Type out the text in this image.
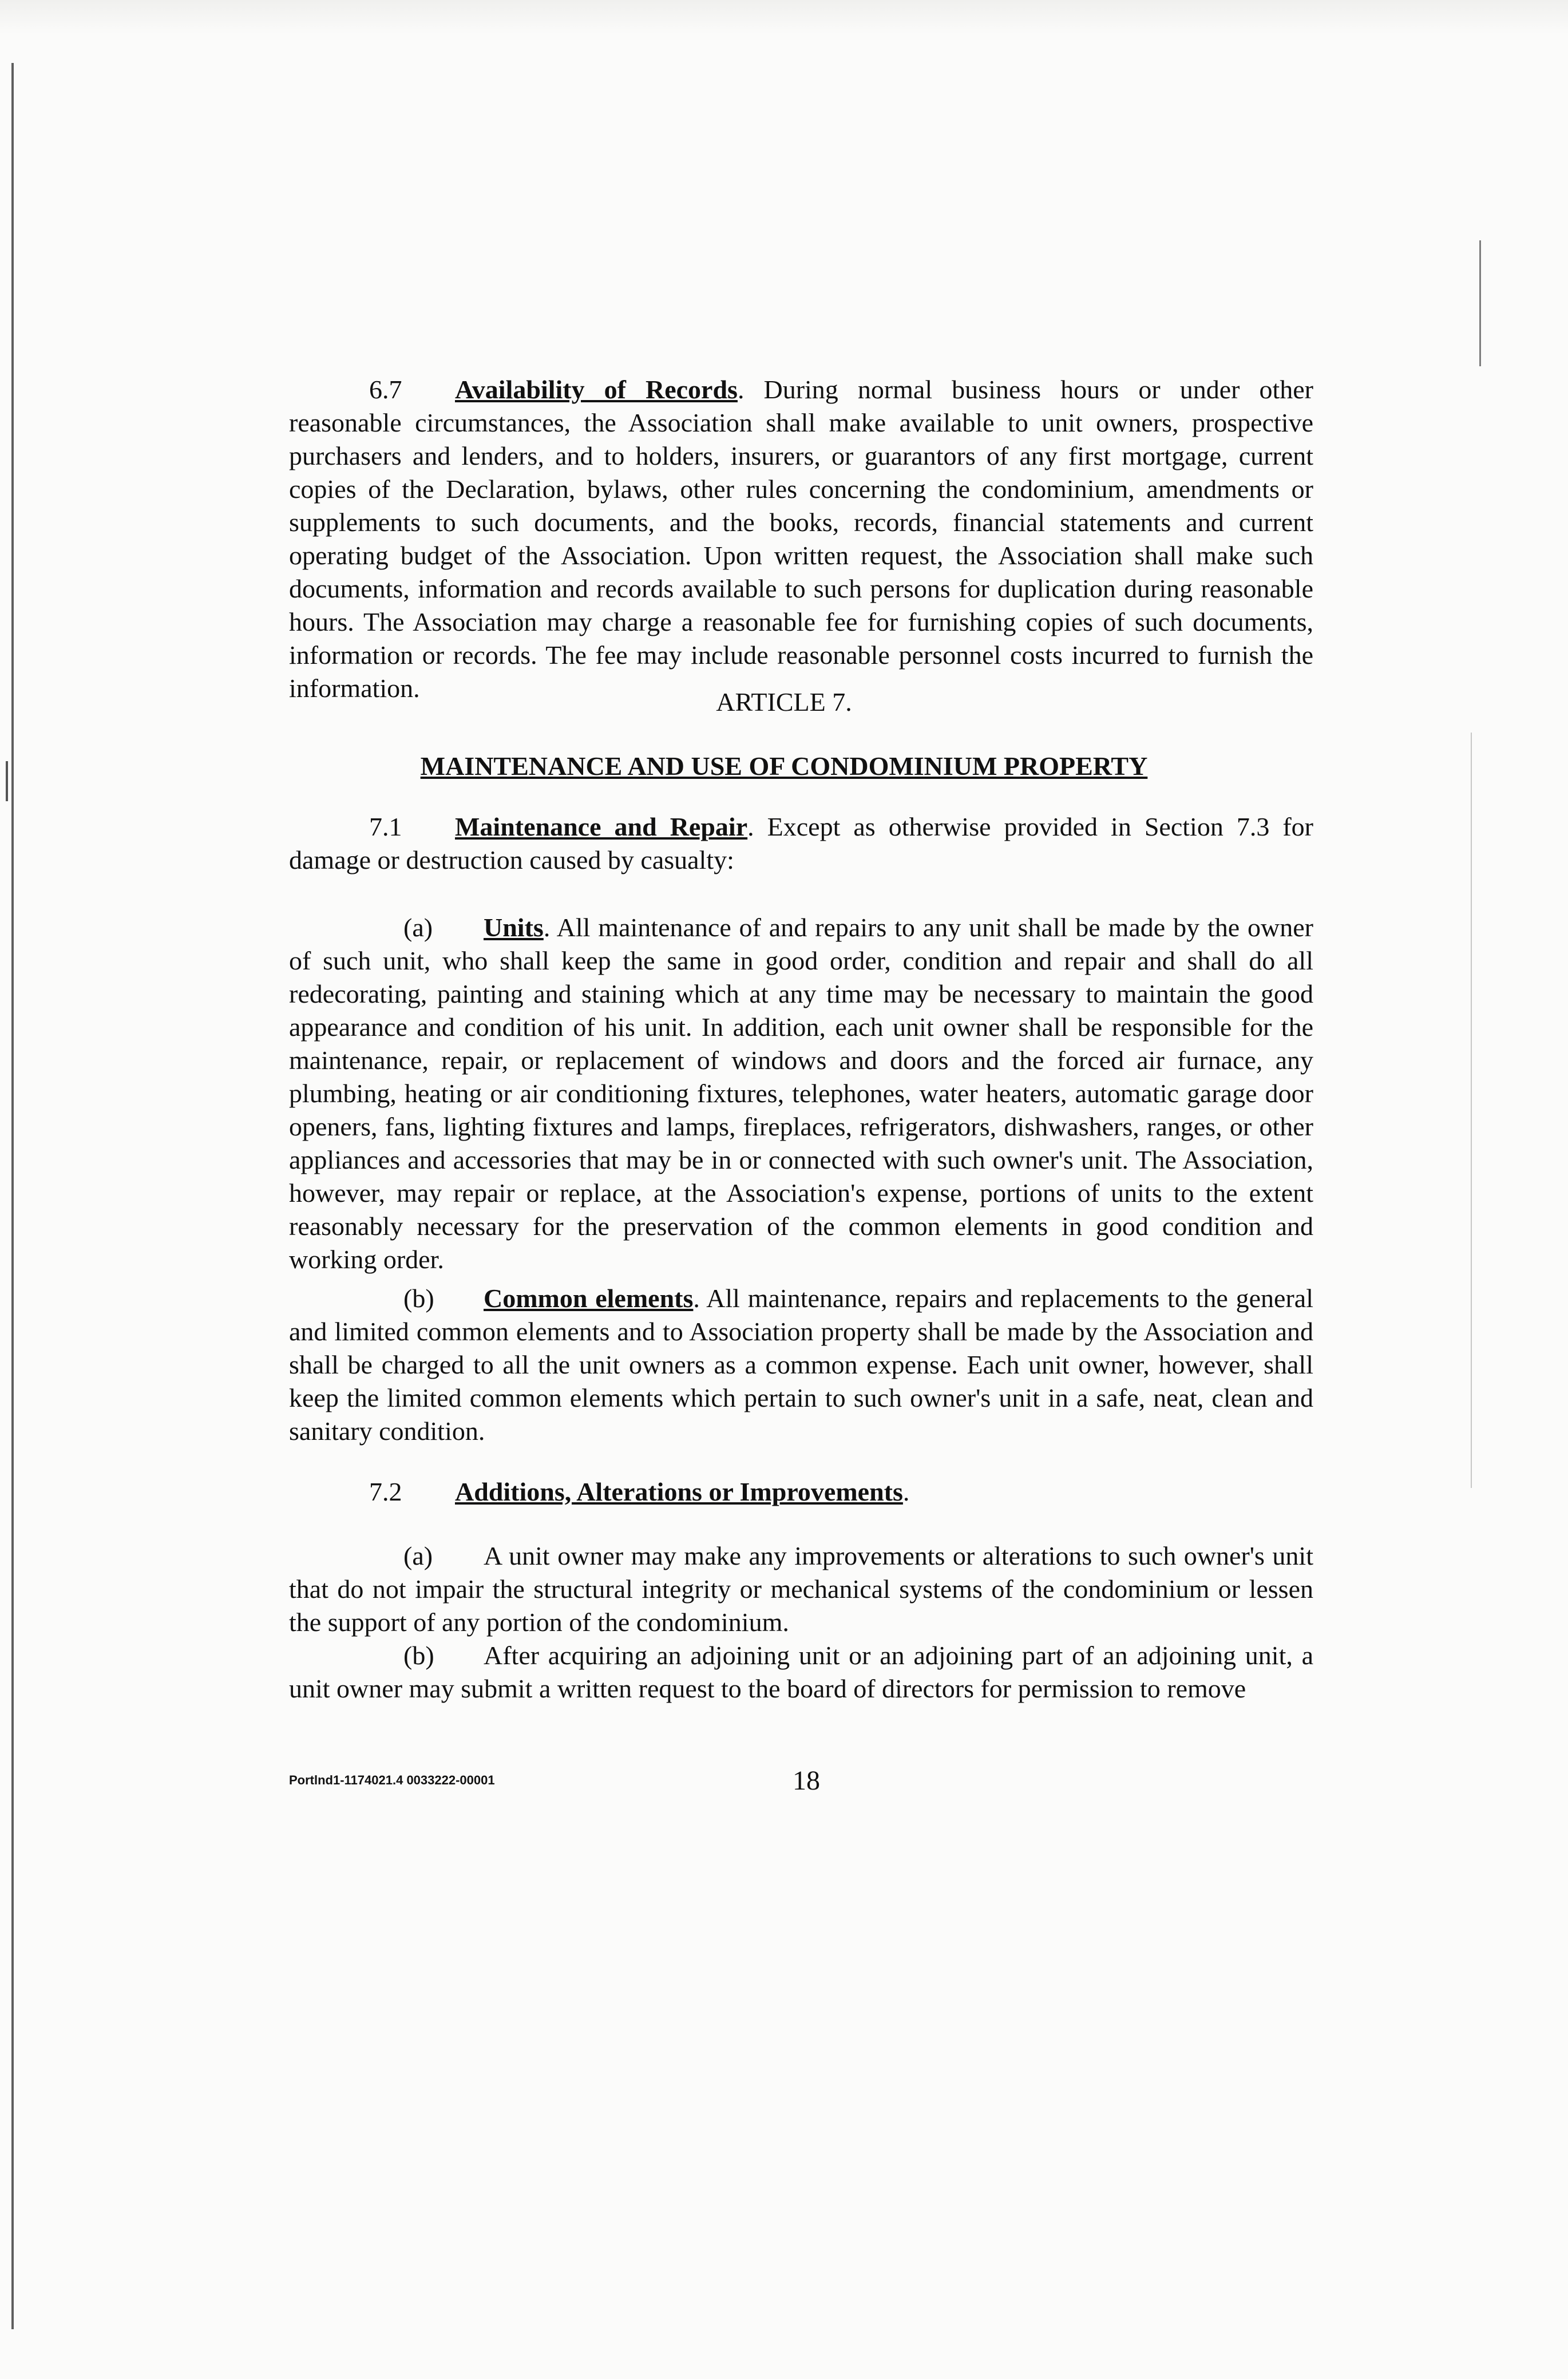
6.7 Availability of Records. During normal business hours or under other reasonable circumstances, the Association shall make available to unit owners, prospective purchasers and lenders, and to holders, insurers, or guarantors of any first mortgage, current copies of the Declaration, bylaws, other rules concerning the condominium, amendments or supplements to such documents, and the books, records, financial statements and current operating budget of the Association. Upon written request, the Association shall make such documents, information and records available to such persons for duplication during reasonable hours. The Association may charge a reasonable fee for furnishing copies of such documents, information or records. The fee may include reasonable personnel costs incurred to furnish the information.	ARTICLE 7.
MAINTENANCE AND USE OF CONDOMINIUM PROPERTY

7.1 Maintenance and Repair. Except as otherwise provided in Section 7.3 for damage or destruction caused by casualty:

(a) Units. All maintenance of and repairs to any unit shall be made by the owner of such unit, who shall keep the same in good order, condition and repair and shall do all redecorating, painting and staining which at any time may be necessary to maintain the good appearance and condition of his unit. In addition, each unit owner shall be responsible for the maintenance, repair, or replacement of windows and doors and the forced air furnace, any plumbing, heating or air conditioning fixtures, telephones, water heaters, automatic garage door openers, fans, lighting fixtures and lamps, fireplaces, refrigerators, dishwashers, ranges, or other appliances and accessories that may be in or connected with such owner's unit. The Association, however, may repair or replace, at the Association's expense, portions of units to the extent reasonably necessary for the preservation of the common elements in good condition and working order.

(b) Common elements. All maintenance, repairs and replacements to the general and limited common elements and to Association property shall be made by the Association and shall be charged to all the unit owners as a common expense. Each unit owner, however, shall keep the limited common elements which pertain to such owner's unit in a safe, neat, clean and sanitary condition.

7.2 Additions, Alterations or Improvements.

(a) A unit owner may make any improvements or alterations to such owner's unit that do not impair the structural integrity or mechanical systems of the condominium or lessen the support of any portion of the condominium.

(b) After acquiring an adjoining unit or an adjoining part of an adjoining unit, a unit owner may submit a written request to the board of directors for permission to remove

Portlnd1-1174021.4 0033222-00001	18
